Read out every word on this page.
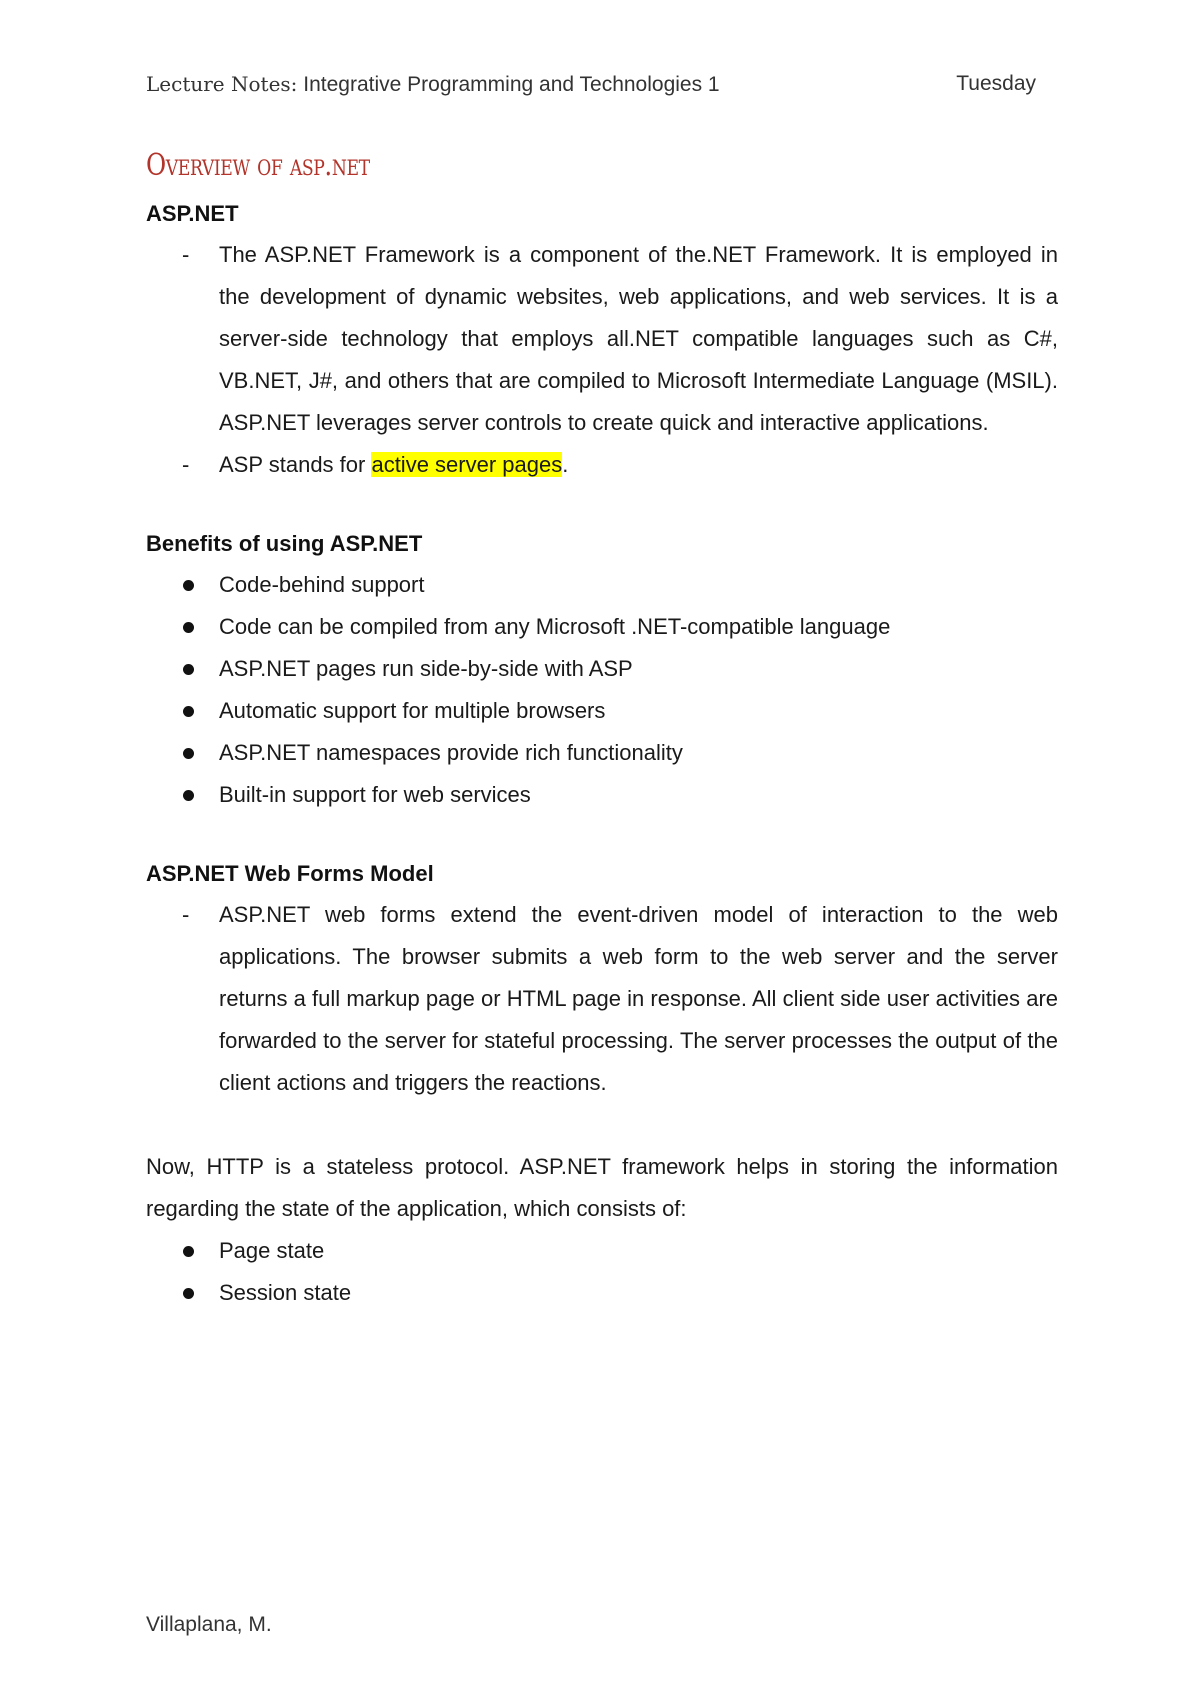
Lecture Notes: Integrative Programming and Technologies 1	Tuesday
Overview of asp.net
ASP.NET
- The ASP.NET Framework is a component of the.NET Framework. It is employed in the development of dynamic websites, web applications, and web services. It is a server-side technology that employs all.NET compatible languages such as C#, VB.NET, J#, and others that are compiled to Microsoft Intermediate Language (MSIL). ASP.NET leverages server controls to create quick and interactive applications.
- ASP stands for active server pages.
Benefits of using ASP.NET
Code-behind support
Code can be compiled from any Microsoft .NET-compatible language
ASP.NET pages run side-by-side with ASP
Automatic support for multiple browsers
ASP.NET namespaces provide rich functionality
Built-in support for web services
ASP.NET Web Forms Model
- ASP.NET web forms extend the event-driven model of interaction to the web applications. The browser submits a web form to the web server and the server returns a full markup page or HTML page in response. All client side user activities are forwarded to the server for stateful processing. The server processes the output of the client actions and triggers the reactions.

Now, HTTP is a stateless protocol. ASP.NET framework helps in storing the information regarding the state of the application, which consists of:

Page state
Session state
Villaplana, M.
